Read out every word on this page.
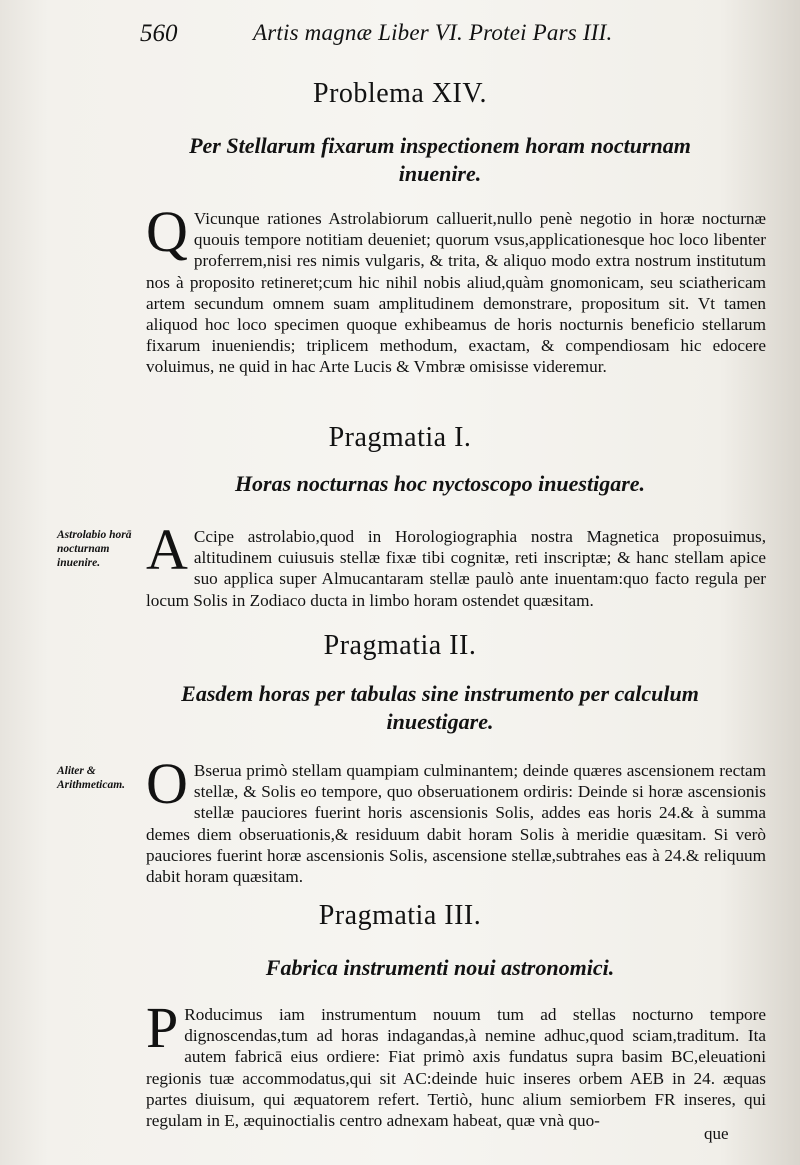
560	Artis magnæ Liber VI. Protei Pars III.
Problema XIV.
Per Stellarum fixarum inspectionem horam nocturnam
inuenire.
Q Vicunque rationes Astrolabiorum calluerit,nullo penè negotio in horæ nocturnæ quouis tempore notitiam deueniet; quorum vsus,applicationesque hoc loco libenter proferrem,nisi res nimis vulgaris, & trita, & aliquo modo extra nostrum institutum nos à proposito retineret;cum hic nihil nobis aliud,quàm gnomonicam, seu sciathericam artem secundum omnem suam amplitudinem demonstrare, propositum sit. Vt tamen aliquod hoc loco specimen quoque exhibeamus de horis nocturnis beneficio stellarum fixarum inueniendis; triplicem methodum, exactam, & compendiosam hic edocere voluimus, ne quid in hac Arte Lucis & Vmbræ omisisse videremur.
Pragmatia I.
Horas nocturnas hoc nyctoscopo inuestigare.
Astrolabio horā nocturnam inuenire. A Ccipe astrolabio,quod in Horologiographia nostra Magnetica proposuimus, altitudinem cuiusuis stellæ fixæ tibi cognitæ, reti inscriptæ; & hanc stellam apice suo applica super Almucantaram stellæ paulò ante inuentam:quo facto regula per locum Solis in Zodiaco ducta in limbo horam ostendet quæsitam.
Pragmatia II.
Easdem horas per tabulas sine instrumento per calculum
inuestigare.
Aliter & Arithmeticam. O Bserua primò stellam quampiam culminantem; deinde quæres ascensionem rectam stellæ, & Solis eo tempore, quo obseruationem ordiris: Deinde si horæ ascensionis stellæ pauciores fuerint horis ascensionis Solis, addes eas horis 24.& à summa demes diem obseruationis,& residuum dabit horam Solis à meridie quæsitam. Si verò pauciores fuerint horæ ascensionis Solis, ascensione stellæ,subtrahes eas à 24.& reliquum dabit horam quæsitam.
Pragmatia III.
Fabrica instrumenti noui astronomici.
P Roducimus iam instrumentum nouum tum ad stellas nocturno tempore dignoscendas,tum ad horas indagandas,à nemine adhuc,quod sciam,traditum. Ita autem fabricā eius ordiere: Fiat primò axis fundatus supra basim BC,eleuationi regionis tuæ accommodatus,qui sit AC:deinde huic inseres orbem AEB in 24. æquas partes diuisum, qui æquatorem refert. Tertiò, hunc alium semiorbem FR inseres, qui regulam in E, æquinoctialis centro adnexam habeat, quæ vnà quo-
que
